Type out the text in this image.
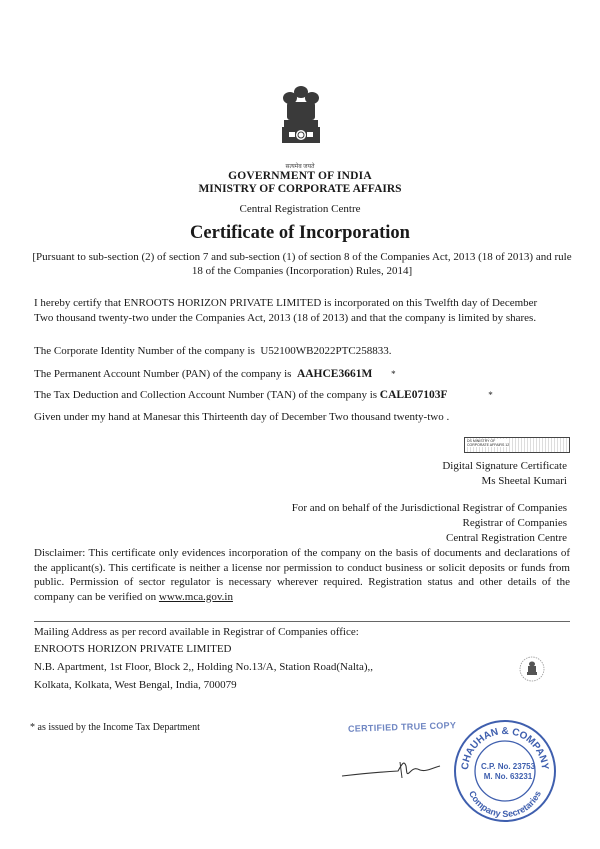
सत्यमेव जयते
GOVERNMENT OF INDIA
MINISTRY OF CORPORATE AFFAIRS
Central Registration Centre
Certificate of Incorporation
[Pursuant to sub-section (2) of section 7 and sub-section (1) of section 8 of the Companies Act, 2013 (18 of 2013) and rule 18 of the Companies (Incorporation) Rules, 2014]
I hereby certify that ENROOTS HORIZON PRIVATE LIMITED is incorporated on this Twelfth day of December Two thousand twenty-two under the Companies Act, 2013 (18 of 2013) and that the company is limited by shares.
The Corporate Identity Number of the company is U52100WB2022PTC258833.
The Permanent Account Number (PAN) of the company is AAHCE3661M *
The Tax Deduction and Collection Account Number (TAN) of the company is CALE07103F	*
Given under my hand at Manesar this Thirteenth day of December Two thousand twenty-two .
DS MINISTRY OF
CORPORATE AFFAIRS 12
Digital Signature Certificate
Ms Sheetal Kumari
For and on behalf of the Jurisdictional Registrar of Companies
Registrar of Companies
Central Registration Centre
Disclaimer: This certificate only evidences incorporation of the company on the basis of documents and declarations of the applicant(s). This certificate is neither a license nor permission to conduct business or solicit deposits or funds from public. Permission of sector regulator is necessary wherever required. Registration status and other details of the company can be verified on www.mca.gov.in
Mailing Address as per record available in Registrar of Companies office:
ENROOTS HORIZON PRIVATE LIMITED
N.B. Apartment, 1st Floor, Block 2,, Holding No.13/A, Station Road(Nalta),,
Kolkata, Kolkata, West Bengal, India, 700079
* as issued by the Income Tax Department	CERTIFIED TRUE COPY
CHAUHAN & COMPANY
Company Secretaries
C.P. No. 23753
M. No. 63231
